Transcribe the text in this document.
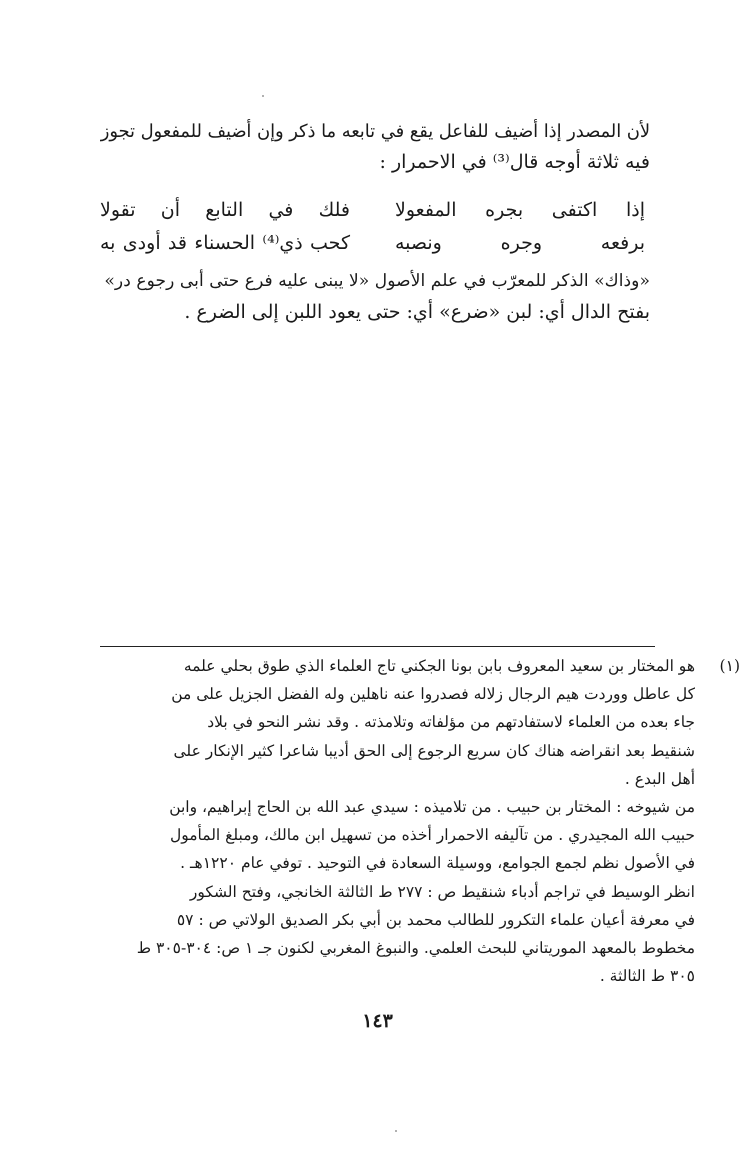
لأن المصدر إذا أضيف للفاعل يقع في تابعه ما ذكر وإن أضيف للمفعول تجوز
فيه ثلاثة أوجه قال⁽³⁾ في الاحمرار :
إذا اكتفى بجره المفعولا
فلك في التابع أن تقولا
برفعه وجره ونصبه
كحب ذي⁽⁴⁾ الحسناء قد أودى به
«وذاك» الذكر للمعرّب في علم الأصول «لا يبنى عليه فرع حتى أبى رجوع در»
بفتح الدال أي: لبن «ضرع» أي: حتى يعود اللبن إلى الضرع .
(١)
هو المختار بن سعيد المعروف بابن بونا الجكني تاج العلماء الذي طوق بحلي علمه
كل عاطل ووردت هيم الرجال زلاله فصدروا عنه ناهلين وله الفضل الجزيل على من
جاء بعده من العلماء لاستفادتهم من مؤلفاته وتلامذته . وقد نشر النحو في بلاد
شنقيط بعد انقراضه هناك كان سريع الرجوع إلى الحق أديبا شاعرا كثير الإنكار على
أهل البدع .
من شيوخه : المختار بن حبيب . من تلاميذه : سيدي عبد الله بن الحاج إبراهيم، وابن
حبيب الله المجيدري . من تآليفه الاحمرار أخذه من تسهيل ابن مالك، ومبلغ المأمول
في الأصول نظم لجمع الجوامع، ووسيلة السعادة في التوحيد . توفي عام ١٢٢٠هـ .
انظر الوسيط في تراجم أدباء شنقيط ص : ٢٧٧ ط الثالثة الخانجي، وفتح الشكور
في معرفة أعيان علماء التكرور للطالب محمد بن أبي بكر الصديق الولاتي ص : ٥٧
مخطوط بالمعهد الموريتاني للبحث العلمي. والنبوغ المغربي لكنون جـ ١ ص: ٣٠٤-٣٠٥ ط
٣٠٥ ط الثالثة .
١٤٣
